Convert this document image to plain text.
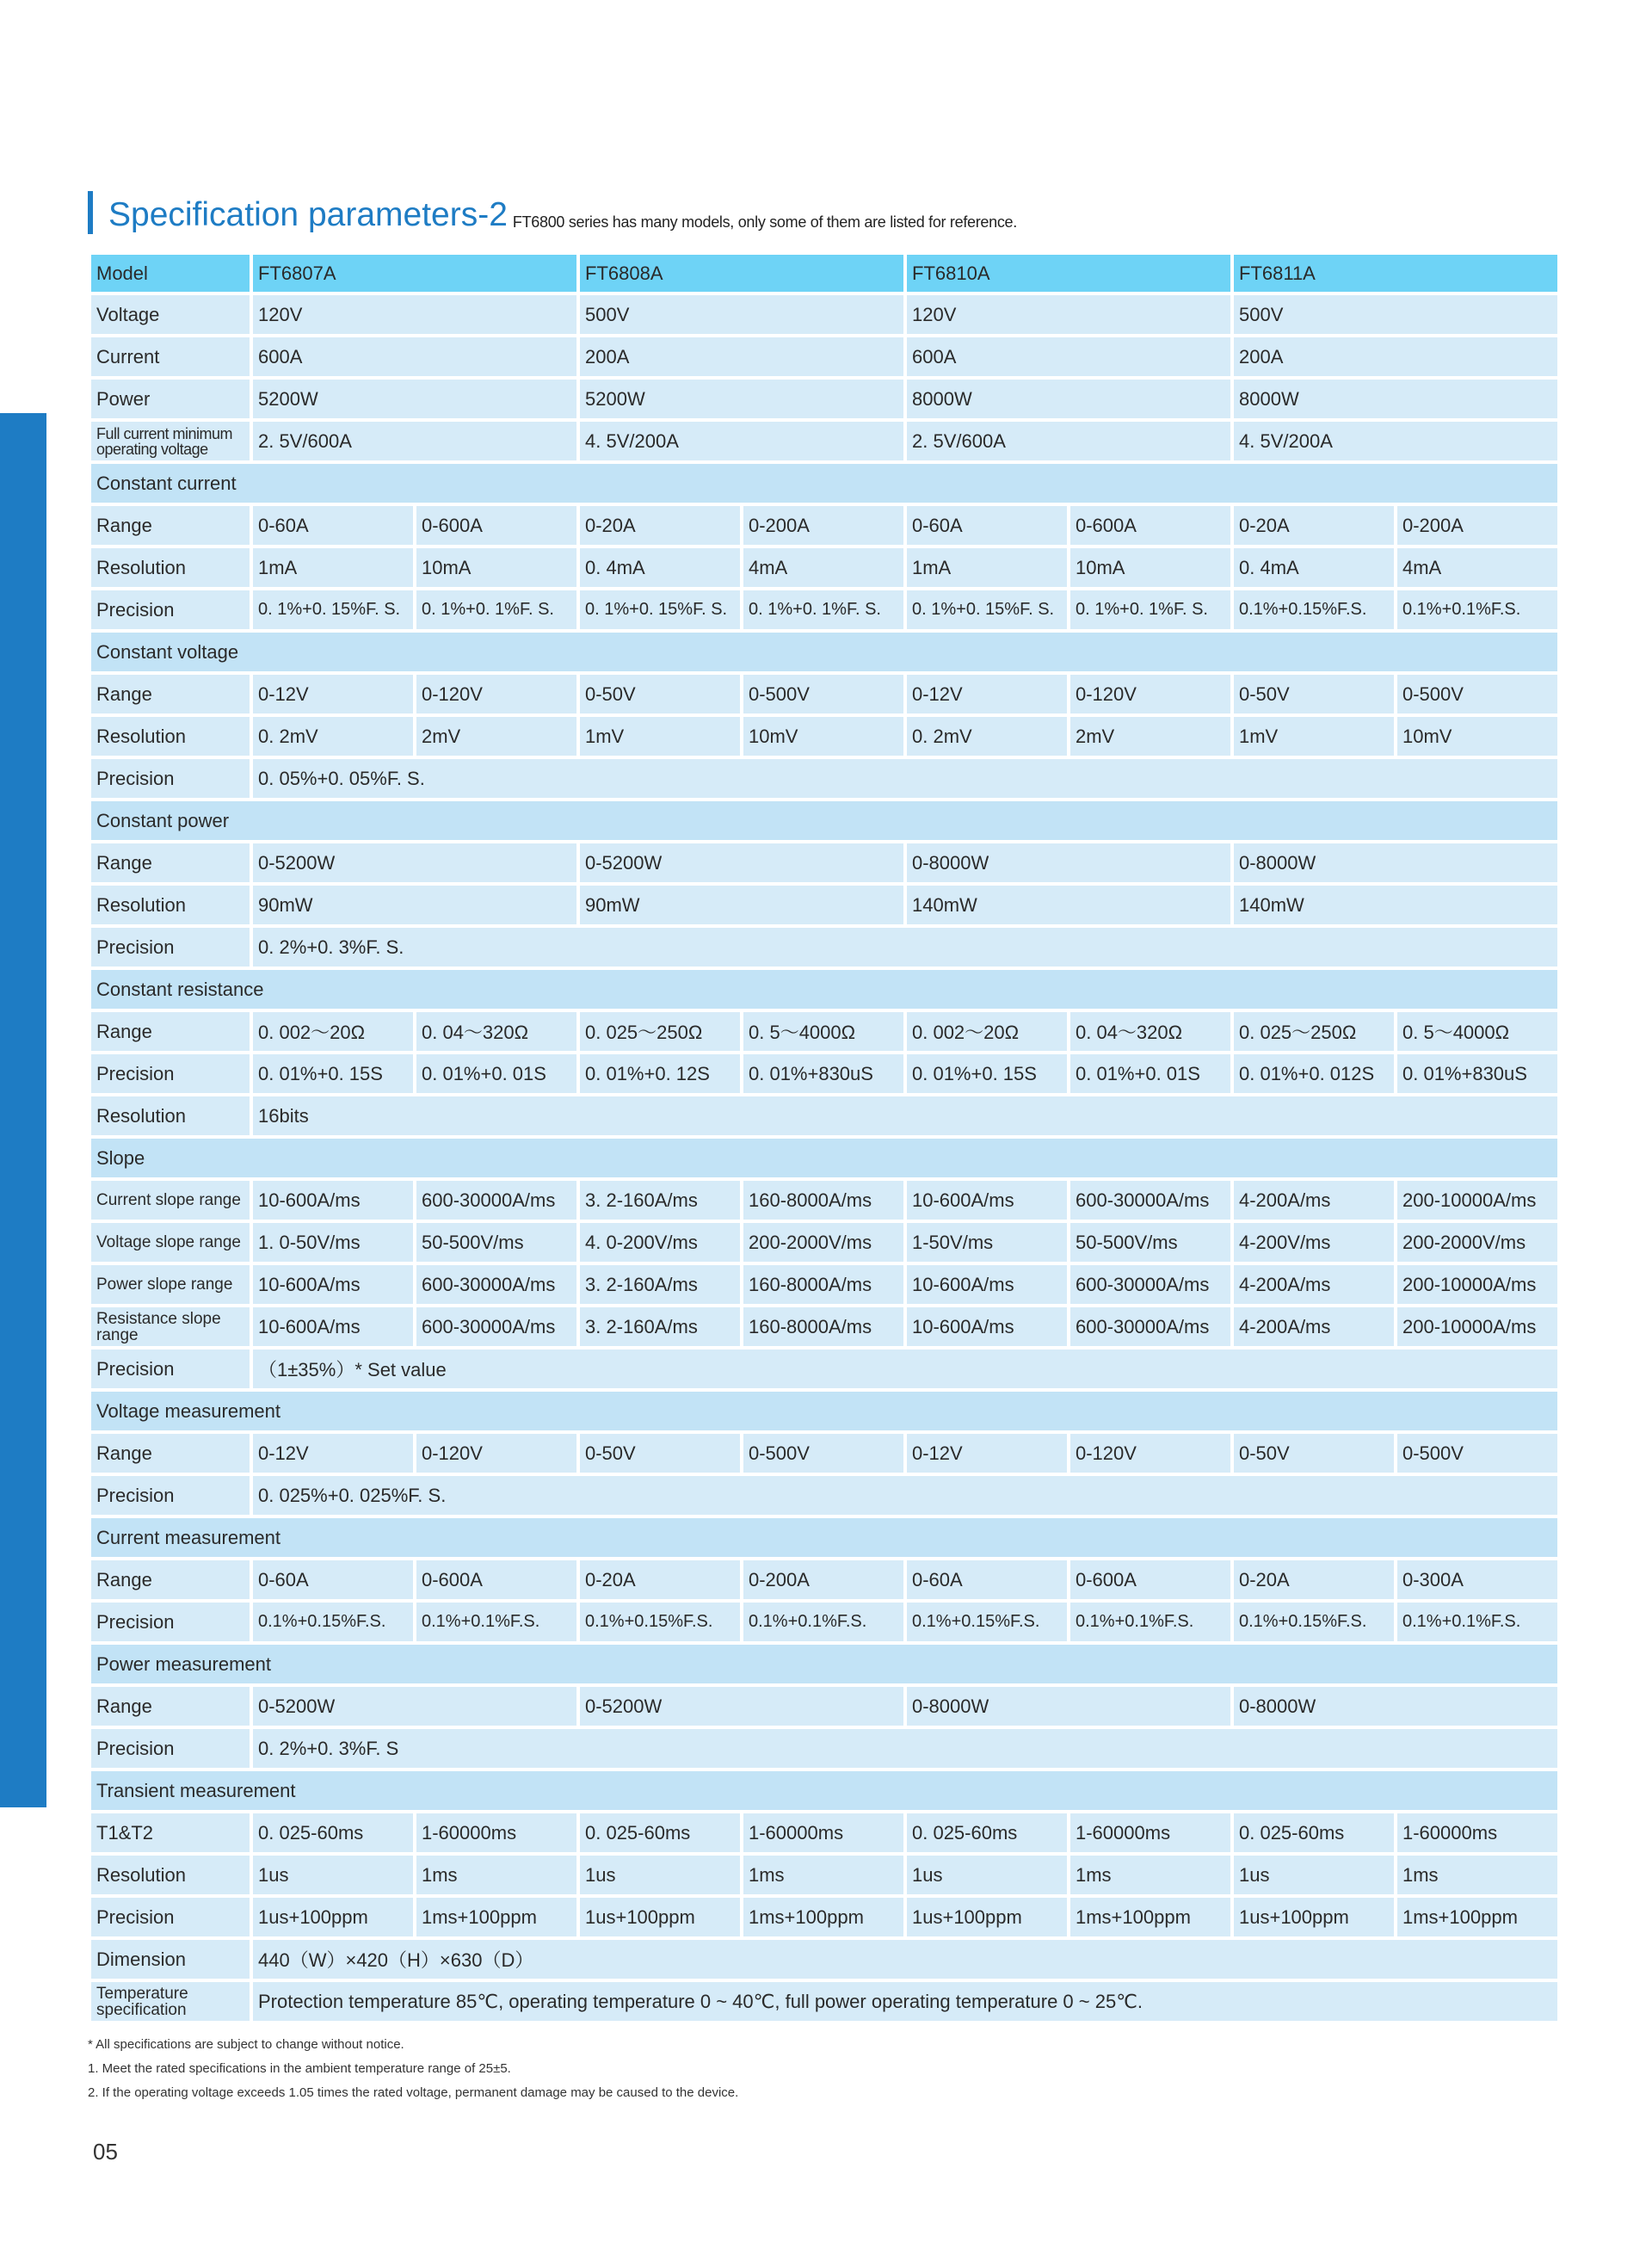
Specification parameters-2 FT6800 series has many models, only some of them are listed for reference.
Model	FT6807A		FT6808A		FT6810A		FT6811A	
Voltage	120V		500V		120V		500V	
Current	600A		200A		600A		200A	
Power	5200W		5200W		8000W		8000W	
Full current minimum operating voltage	2. 5V/600A		4. 5V/200A		2. 5V/600A		4. 5V/200A	
Constant current								
Range	0-60A	0-600A	0-20A	0-200A	0-60A	0-600A	0-20A	0-200A
Resolution	1mA	10mA	0. 4mA	4mA	1mA	10mA	0. 4mA	4mA
Precision	0. 1%+0. 15%F. S.	0. 1%+0. 1%F. S.	0. 1%+0. 15%F. S.	0. 1%+0. 1%F. S.	0. 1%+0. 15%F. S.	0. 1%+0. 1%F. S.	0.1%+0.15%F.S.	0.1%+0.1%F.S.
Constant voltage								
Range	0-12V	0-120V	0-50V	0-500V	0-12V	0-120V	0-50V	0-500V
Resolution	0. 2mV	2mV	1mV	10mV	0. 2mV	2mV	1mV	10mV
Precision	0. 05%+0. 05%F. S.							
Constant power								
Range	0-5200W		0-5200W		0-8000W		0-8000W	
Resolution	90mW		90mW		140mW		140mW	
Precision	0. 2%+0. 3%F. S.							
Constant resistance								
Range	0. 002～20Ω	0. 04～320Ω	0. 025～250Ω	0. 5～4000Ω	0. 002～20Ω	0. 04～320Ω	0. 025～250Ω	0. 5～4000Ω
Precision	0. 01%+0. 15S	0. 01%+0. 01S	0. 01%+0. 12S	0. 01%+830uS	0. 01%+0. 15S	0. 01%+0. 01S	0. 01%+0. 012S	0. 01%+830uS
Resolution	16bits							
Slope								
Current slope range	10-600A/ms	600-30000A/ms	3. 2-160A/ms	160-8000A/ms	10-600A/ms	600-30000A/ms	4-200A/ms	200-10000A/ms
Voltage slope range	1. 0-50V/ms	50-500V/ms	4. 0-200V/ms	200-2000V/ms	1-50V/ms	50-500V/ms	4-200V/ms	200-2000V/ms
Power slope range	10-600A/ms	600-30000A/ms	3. 2-160A/ms	160-8000A/ms	10-600A/ms	600-30000A/ms	4-200A/ms	200-10000A/ms
Resistance slope range	10-600A/ms	600-30000A/ms	3. 2-160A/ms	160-8000A/ms	10-600A/ms	600-30000A/ms	4-200A/ms	200-10000A/ms
Precision	（1±35%）* Set value							
Voltage measurement								
Range	0-12V	0-120V	0-50V	0-500V	0-12V	0-120V	0-50V	0-500V
Precision	0. 025%+0. 025%F. S.							
Current measurement								
Range	0-60A	0-600A	0-20A	0-200A	0-60A	0-600A	0-20A	0-300A
Precision	0.1%+0.15%F.S.	0.1%+0.1%F.S.	0.1%+0.15%F.S.	0.1%+0.1%F.S.	0.1%+0.15%F.S.	0.1%+0.1%F.S.	0.1%+0.15%F.S.	0.1%+0.1%F.S.
Power measurement								
Range	0-5200W		0-5200W		0-8000W		0-8000W	
Precision	0. 2%+0. 3%F. S							
Transient measurement								
T1&T2	0. 025-60ms	1-60000ms	0. 025-60ms	1-60000ms	0. 025-60ms	1-60000ms	0. 025-60ms	1-60000ms
Resolution	1us	1ms	1us	1ms	1us	1ms	1us	1ms
Precision	1us+100ppm	1ms+100ppm	1us+100ppm	1ms+100ppm	1us+100ppm	1ms+100ppm	1us+100ppm	1ms+100ppm
Dimension	440（W）×420（H）×630（D）							
Temperature specification	Protection temperature 85℃, operating temperature 0 ~ 40℃, full power operating temperature 0 ~ 25℃.							
* All specifications are subject to change without notice.
1. Meet the rated specifications in the ambient temperature range of 25±5.
2. If the operating voltage exceeds 1.05 times the rated voltage, permanent damage may be caused to the device.
05
